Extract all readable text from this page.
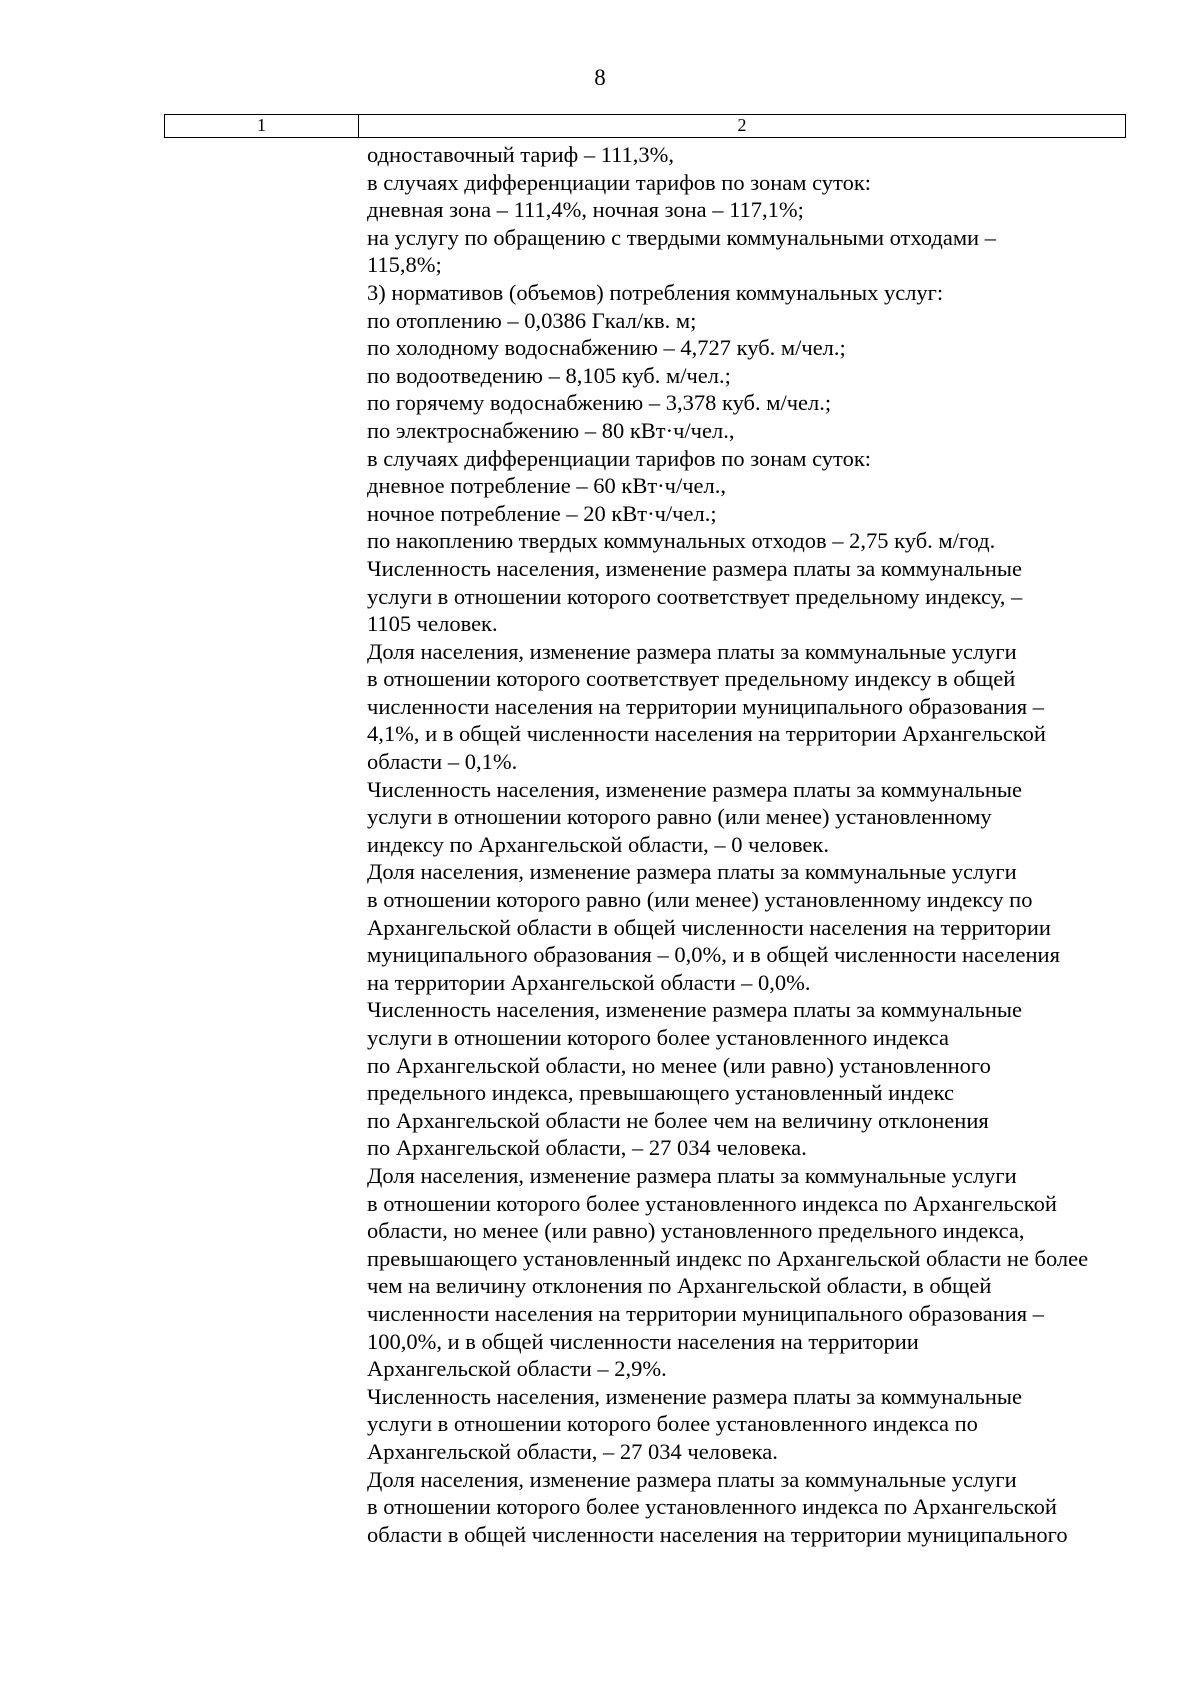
8
1	2
одноставочный тариф – 111,3%,
в случаях дифференциации тарифов по зонам суток:
дневная зона – 111,4%, ночная зона – 117,1%;
на услугу по обращению с твердыми коммунальными отходами –
115,8%;
3) нормативов (объемов) потребления коммунальных услуг:
по отоплению – 0,0386 Гкал/кв. м;
по холодному водоснабжению – 4,727 куб. м/чел.;
по водоотведению – 8,105 куб. м/чел.;
по горячему водоснабжению – 3,378 куб. м/чел.;
по электроснабжению – 80 кВт·ч/чел.,
в случаях дифференциации тарифов по зонам суток:
дневное потребление – 60 кВт·ч/чел.,
ночное потребление – 20 кВт·ч/чел.;
по накоплению твердых коммунальных отходов – 2,75 куб. м/год.
Численность населения, изменение размера платы за коммунальные
услуги в отношении которого соответствует предельному индексу, –
1105 человек.
Доля населения, изменение размера платы за коммунальные услуги
в отношении которого соответствует предельному индексу в общей
численности населения на территории муниципального образования –
4,1%, и в общей численности населения на территории Архангельской
области – 0,1%.
Численность населения, изменение размера платы за коммунальные
услуги в отношении которого равно (или менее) установленному
индексу по Архангельской области, – 0 человек.
Доля населения, изменение размера платы за коммунальные услуги
в отношении которого равно (или менее) установленному индексу по
Архангельской области в общей численности населения на территории
муниципального образования – 0,0%, и в общей численности населения
на территории Архангельской области – 0,0%.
Численность населения, изменение размера платы за коммунальные
услуги в отношении которого более установленного индекса
по Архангельской области, но менее (или равно) установленного
предельного индекса, превышающего установленный индекс
по Архангельской области не более чем на величину отклонения
по Архангельской области, – 27 034 человека.
Доля населения, изменение размера платы за коммунальные услуги
в отношении которого более установленного индекса по Архангельской
области, но менее (или равно) установленного предельного индекса,
превышающего установленный индекс по Архангельской области не более
чем на величину отклонения по Архангельской области, в общей
численности населения на территории муниципального образования –
100,0%, и в общей численности населения на территории
Архангельской области – 2,9%.
Численность населения, изменение размера платы за коммунальные
услуги в отношении которого более установленного индекса по
Архангельской области, – 27 034 человека.
Доля населения, изменение размера платы за коммунальные услуги
в отношении которого более установленного индекса по Архангельской
области в общей численности населения на территории муниципального
